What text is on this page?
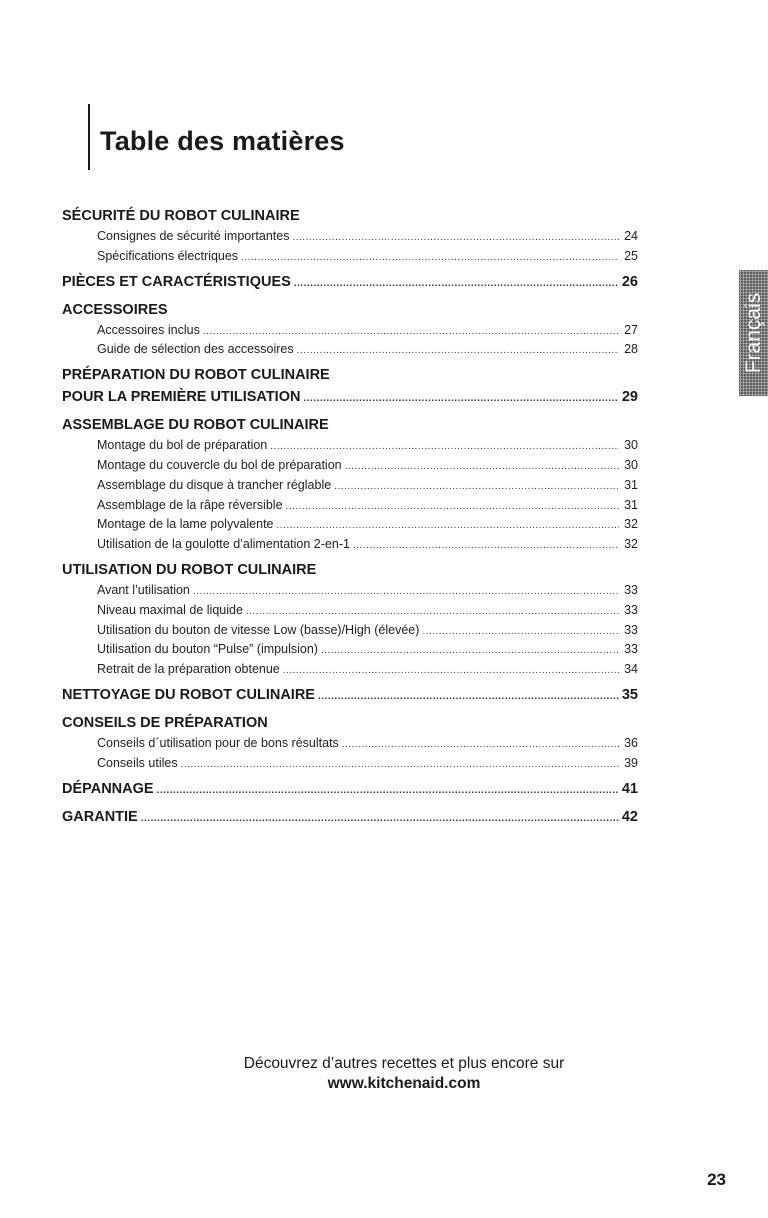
Table des matières
SÉCURITÉ DU ROBOT CULINAIRE
Consignes de sécurité importantes .....	24
Spécifications électriques .....	25
PIÈCES ET CARACTÉRISTIQUES .....	26
ACCESSOIRES
Accessoires inclus .....	27
Guide de sélection des accessoires .....	28
PRÉPARATION DU ROBOT CULINAIRE
POUR LA PREMIÈRE UTILISATION .....	29
ASSEMBLAGE DU ROBOT CULINAIRE
Montage du bol de préparation .....	30
Montage du couvercle du bol de préparation .....	30
Assemblage du disque à trancher réglable .....	31
Assemblage de la râpe réversible .....	31
Montage de la lame polyvalente .....	32
Utilisation de la goulotte d’alimentation 2-en-1 .....	32
UTILISATION DU ROBOT CULINAIRE
Avant l’utilisation .....	33
Niveau maximal de liquide .....	33
Utilisation du bouton de vitesse Low (basse)/High (élevée) .....	33
Utilisation du bouton “Pulse” (impulsion) .....	33
Retrait de la préparation obtenue .....	34
NETTOYAGE DU ROBOT CULINAIRE .....	35
CONSEILS DE PRÉPARATION
Conseils d´utilisation pour de bons résultats .....	36
Conseils utiles .....	39
DÉPANNAGE .....	41
GARANTIE .....	42
Français
Découvrez d’autres recettes et plus encore sur
www.kitchenaid.com
23
